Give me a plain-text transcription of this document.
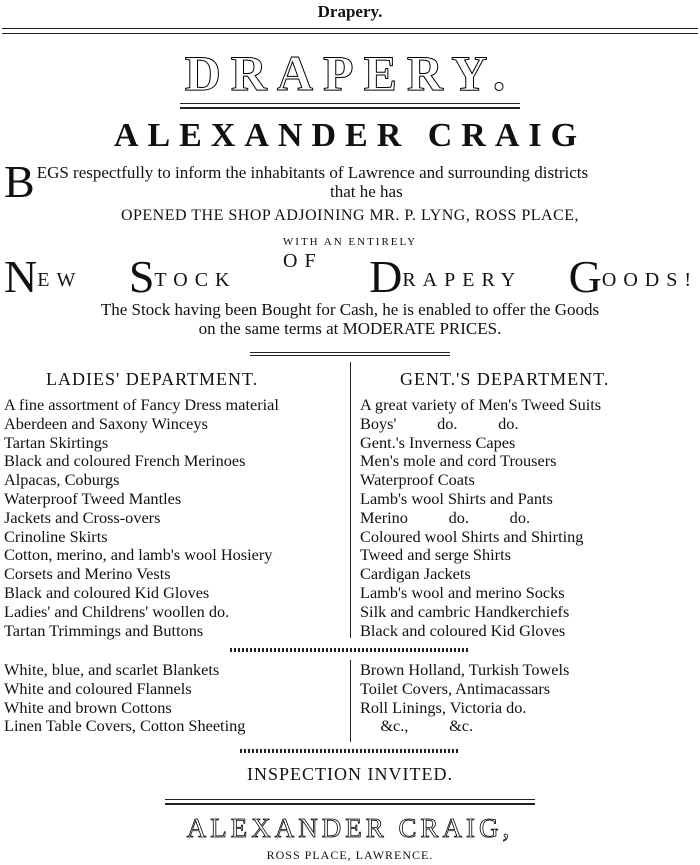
Drapery.
DRAPERY.
ALEXANDER CRAIG
B EGS respectfully to inform the inhabitants of Lawrence and surrounding districts
that he has
OPENED THE SHOP ADJOINING MR. P. LYNG, ROSS PLACE,
WITH AN ENTIRELY
NEW STOCK
OF DRAPERY GOODS!
The Stock having been Bought for Cash, he is enabled to offer the Goods
on the same terms at MODERATE PRICES.
LADIES' DEPARTMENT.	GENT.'S DEPARTMENT.
A fine assortment of Fancy Dress material
Aberdeen and Saxony Winceys
Tartan Skirtings
Black and coloured French Merinoes
Alpacas, Coburgs
Waterproof Tweed Mantles
Jackets and Cross-overs
Crinoline Skirts
Cotton, merino, and lamb's wool Hosiery
Corsets and Merino Vests
Black and coloured Kid Gloves
Ladies' and Childrens' woollen do.
Tartan Trimmings and Buttons
A great variety of Men's Tweed Suits
Boys'          do.          do.
Gent.'s Inverness Capes
Men's mole and cord Trousers
Waterproof Coats
Lamb's wool Shirts and Pants
Merino          do.          do.
Coloured wool Shirts and Shirting
Tweed and serge Shirts
Cardigan Jackets
Lamb's wool and merino Socks
Silk and cambric Handkerchiefs
Black and coloured Kid Gloves
White, blue, and scarlet Blankets
White and coloured Flannels
White and brown Cottons
Linen Table Covers, Cotton Sheeting
Brown Holland, Turkish Towels
Toilet Covers, Antimacassars
Roll Linings, Victoria do.
&c.,          &c.
INSPECTION INVITED.
ALEXANDER CRAIG,
ROSS PLACE, LAWRENCE.
